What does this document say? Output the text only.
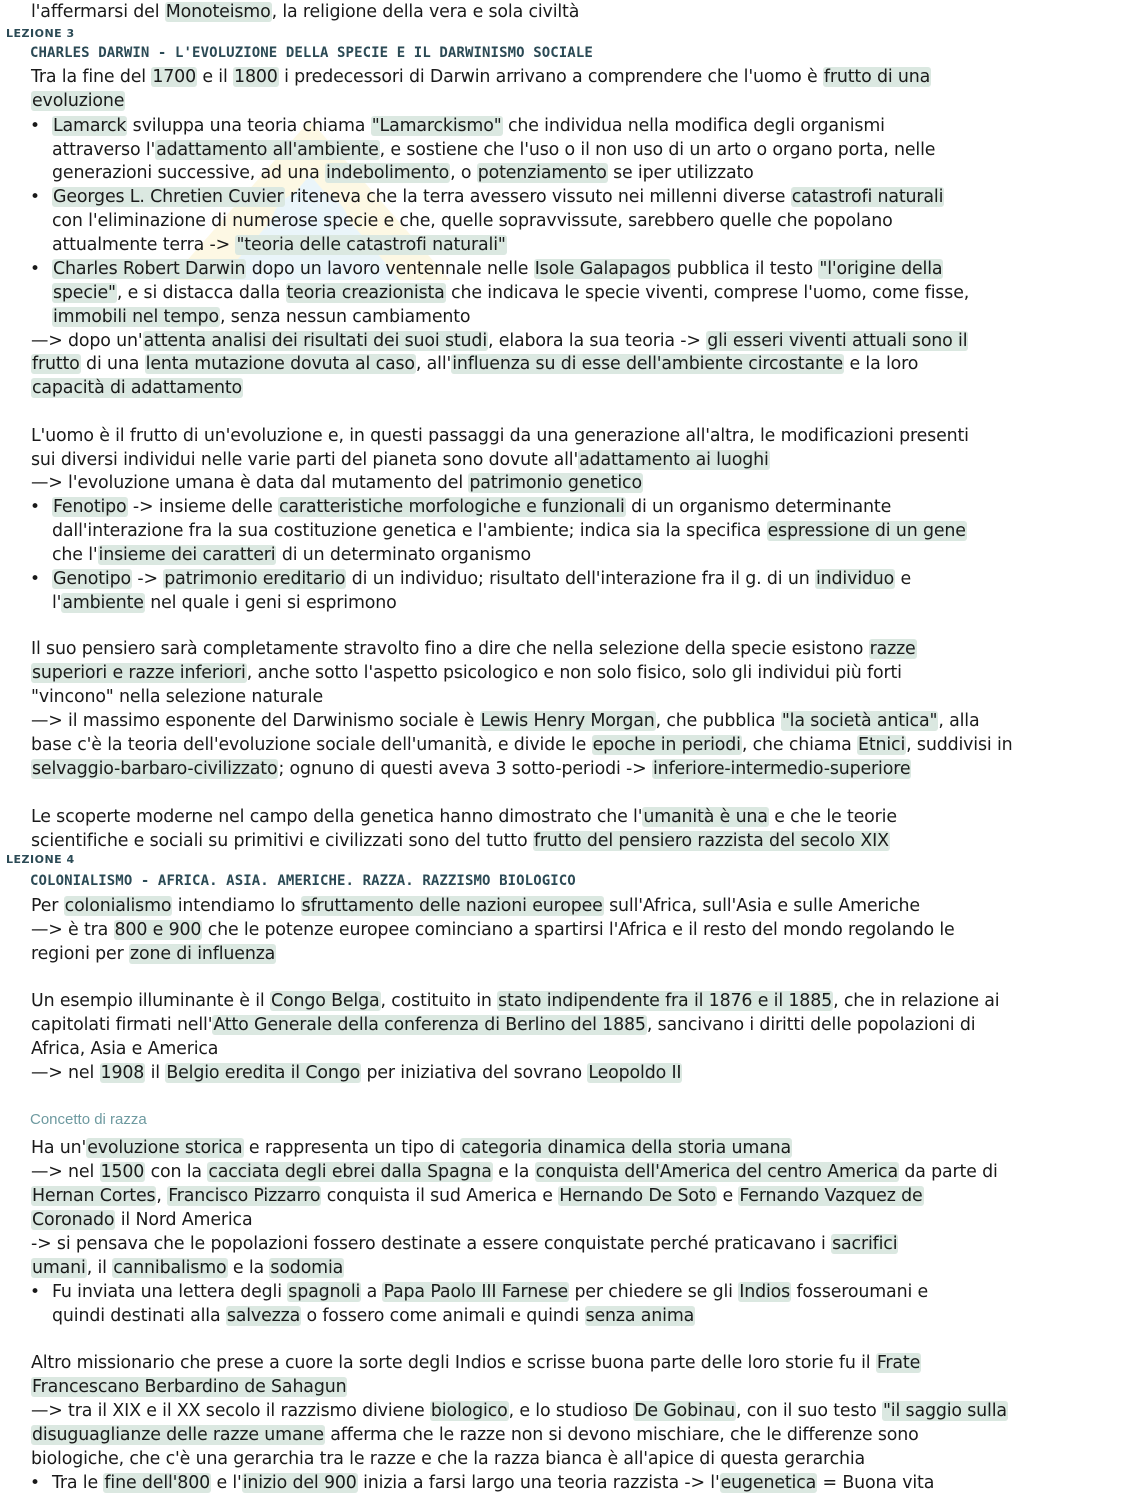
LEZIONE 3
CHARLES DARWIN - L'EVOLUZIONE DELLA SPECIE E IL DARWINISMO SOCIALE
LEZIONE 4
COLONIALISMO - AFRICA. ASIA. AMERICHE. RAZZA. RAZZISMO BIOLOGICO
Concetto di razza
l'affermarsi del Monoteismo, la religione della vera e sola civiltà
Tra la fine del 1700 e il 1800 i predecessori di Darwin arrivano a comprendere che l'uomo è frutto di una
evoluzione
• Lamarck sviluppa una teoria chiama "Lamarckismo" che individua nella modifica degli organismi
attraverso l'adattamento all'ambiente, e sostiene che l'uso o il non uso di un arto o organo porta, nelle
generazioni successive, ad una indebolimento, o potenziamento se iper utilizzato
• Georges L. Chretien Cuvier riteneva che la terra avessero vissuto nei millenni diverse catastrofi naturali
con l'eliminazione di numerose specie e che, quelle sopravvissute, sarebbero quelle che popolano
attualmente terra -> "teoria delle catastrofi naturali"
• Charles Robert Darwin dopo un lavoro ventennale nelle Isole Galapagos pubblica il testo "l'origine della
specie", e si distacca dalla teoria creazionista che indicava le specie viventi, comprese l'uomo, come fisse,
immobili nel tempo, senza nessun cambiamento
—> dopo un'attenta analisi dei risultati dei suoi studi, elabora la sua teoria -> gli esseri viventi attuali sono il
frutto di una lenta mutazione dovuta al caso, all'influenza su di esse dell'ambiente circostante e la loro
capacità di adattamento
L'uomo è il frutto di un'evoluzione e, in questi passaggi da una generazione all'altra, le modificazioni presenti
sui diversi individui nelle varie parti del pianeta sono dovute all'adattamento ai luoghi
—> l'evoluzione umana è data dal mutamento del patrimonio genetico
• Fenotipo -> insieme delle caratteristiche morfologiche e funzionali di un organismo determinante
dall'interazione fra la sua costituzione genetica e l'ambiente; indica sia la specifica espressione di un gene
che l'insieme dei caratteri di un determinato organismo
• Genotipo -> patrimonio ereditario di un individuo; risultato dell'interazione fra il g. di un individuo e
l'ambiente nel quale i geni si esprimono
Il suo pensiero sarà completamente stravolto fino a dire che nella selezione della specie esistono razze
superiori e razze inferiori, anche sotto l'aspetto psicologico e non solo fisico, solo gli individui più forti
"vincono" nella selezione naturale
—> il massimo esponente del Darwinismo sociale è Lewis Henry Morgan, che pubblica "la società antica", alla
base c'è la teoria dell'evoluzione sociale dell'umanità, e divide le epoche in periodi, che chiama Etnici, suddivisi in
selvaggio-barbaro-civilizzato; ognuno di questi aveva 3 sotto-periodi -> inferiore-intermedio-superiore
Le scoperte moderne nel campo della genetica hanno dimostrato che l'umanità è una e che le teorie
scientifiche e sociali su primitivi e civilizzati sono del tutto frutto del pensiero razzista del secolo XIX
Per colonialismo intendiamo lo sfruttamento delle nazioni europee sull'Africa, sull'Asia e sulle Americhe
—> è tra 800 e 900 che le potenze europee cominciano a spartirsi l'Africa e il resto del mondo regolando le
regioni per zone di influenza
Un esempio illuminante è il Congo Belga, costituito in stato indipendente fra il 1876 e il 1885, che in relazione ai
capitolati firmati nell'Atto Generale della conferenza di Berlino del 1885, sancivano i diritti delle popolazioni di
Africa, Asia e America
—> nel 1908 il Belgio eredita il Congo per iniziativa del sovrano Leopoldo II
Ha un'evoluzione storica e rappresenta un tipo di categoria dinamica della storia umana
—> nel 1500 con la cacciata degli ebrei dalla Spagna e la conquista dell'America del centro America da parte di
Hernan Cortes, Francisco Pizzarro conquista il sud America e Hernando De Soto e Fernando Vazquez de
Coronado il Nord America
-> si pensava che le popolazioni fossero destinate a essere conquistate perché praticavano i sacrifici
umani, il cannibalismo e la sodomia
• Fu inviata una lettera degli spagnoli a Papa Paolo III Farnese per chiedere se gli Indios fosseroumani e
quindi destinati alla salvezza o fossero come animali e quindi senza anima
Altro missionario che prese a cuore la sorte degli Indios e scrisse buona parte delle loro storie fu il Frate
Francescano Berbardino de Sahagun
—> tra il XIX e il XX secolo il razzismo diviene biologico, e lo studioso De Gobinau, con il suo testo "il saggio sulla
disuguaglianze delle razze umane afferma che le razze non si devono mischiare, che le differenze sono
biologiche, che c'è una gerarchia tra le razze e che la razza bianca è all'apice di questa gerarchia
• Tra le fine dell'800 e l'inizio del 900 inizia a farsi largo una teoria razzista -> l'eugenetica = Buona vita
